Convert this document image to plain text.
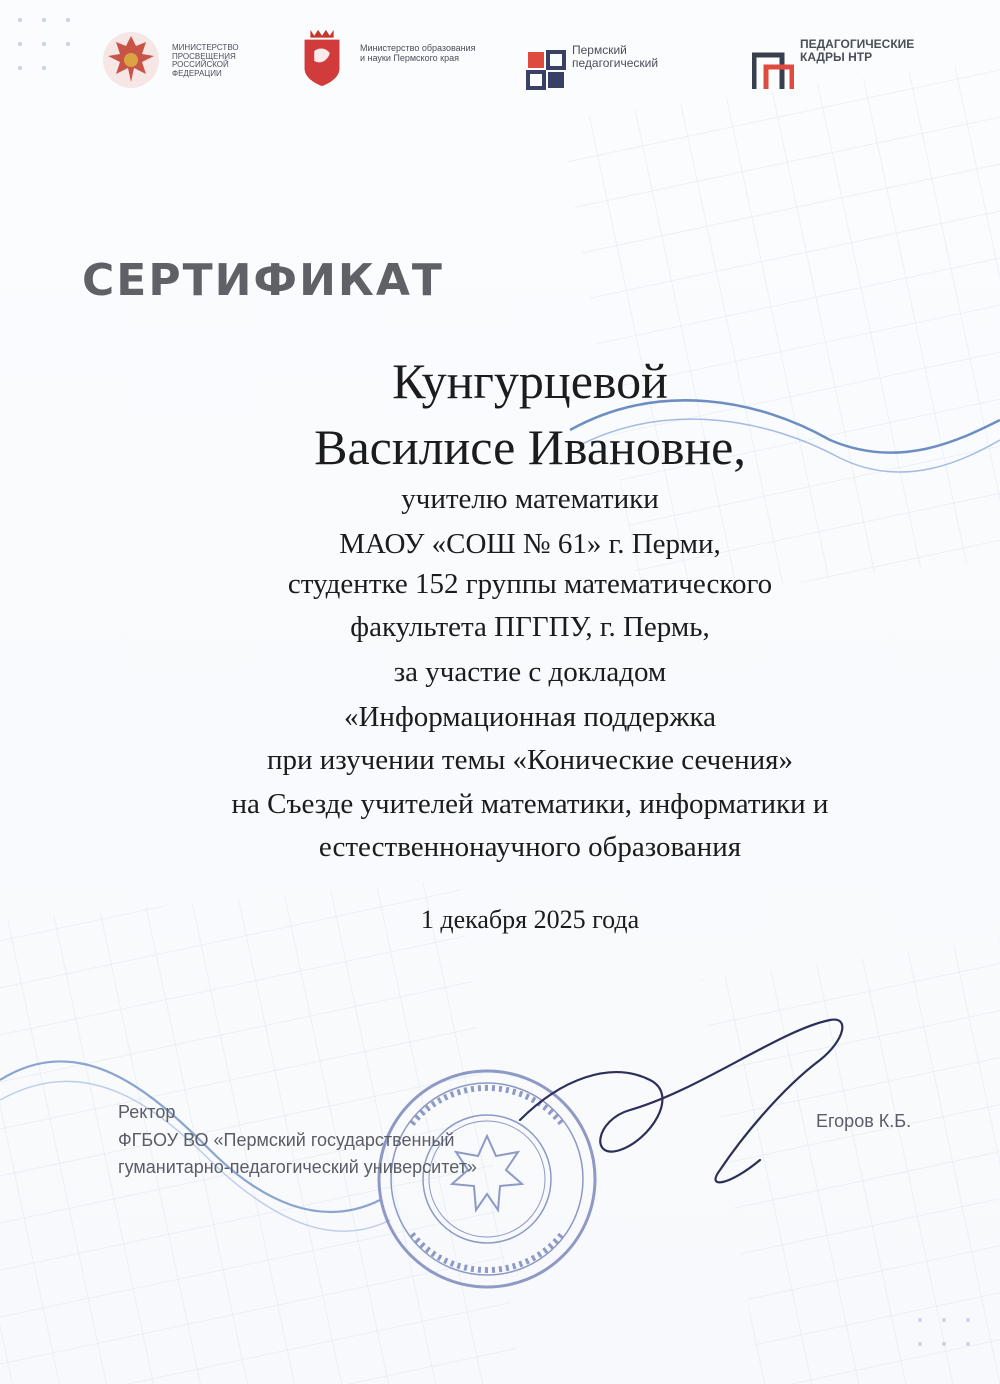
МИНИСТЕРСТВО ПРОСВЕЩЕНИЯ РОССИЙСКОЙ ФЕДЕРАЦИИ
Министерство образования и науки Пермского края
Пермский педагогический
ПЕДАГОГИЧЕСКИЕ КАДРЫ НТР
СЕРТИФИКАТ
Кунгурцевой
Василисе Ивановне,
учителю математики
МАОУ «СОШ № 61» г. Перми,
студентке 152 группы математического
факультета ПГГПУ, г. Пермь,
за участие с докладом
«Информационная поддержка
при изучении темы «Конические сечения»
на Съезде учителей математики, информатики и
естественнонаучного образования
1 декабря 2025 года
Ректор
ФГБОУ ВО «Пермский государственный
гуманитарно-педагогический университет»
Егоров К.Б.
